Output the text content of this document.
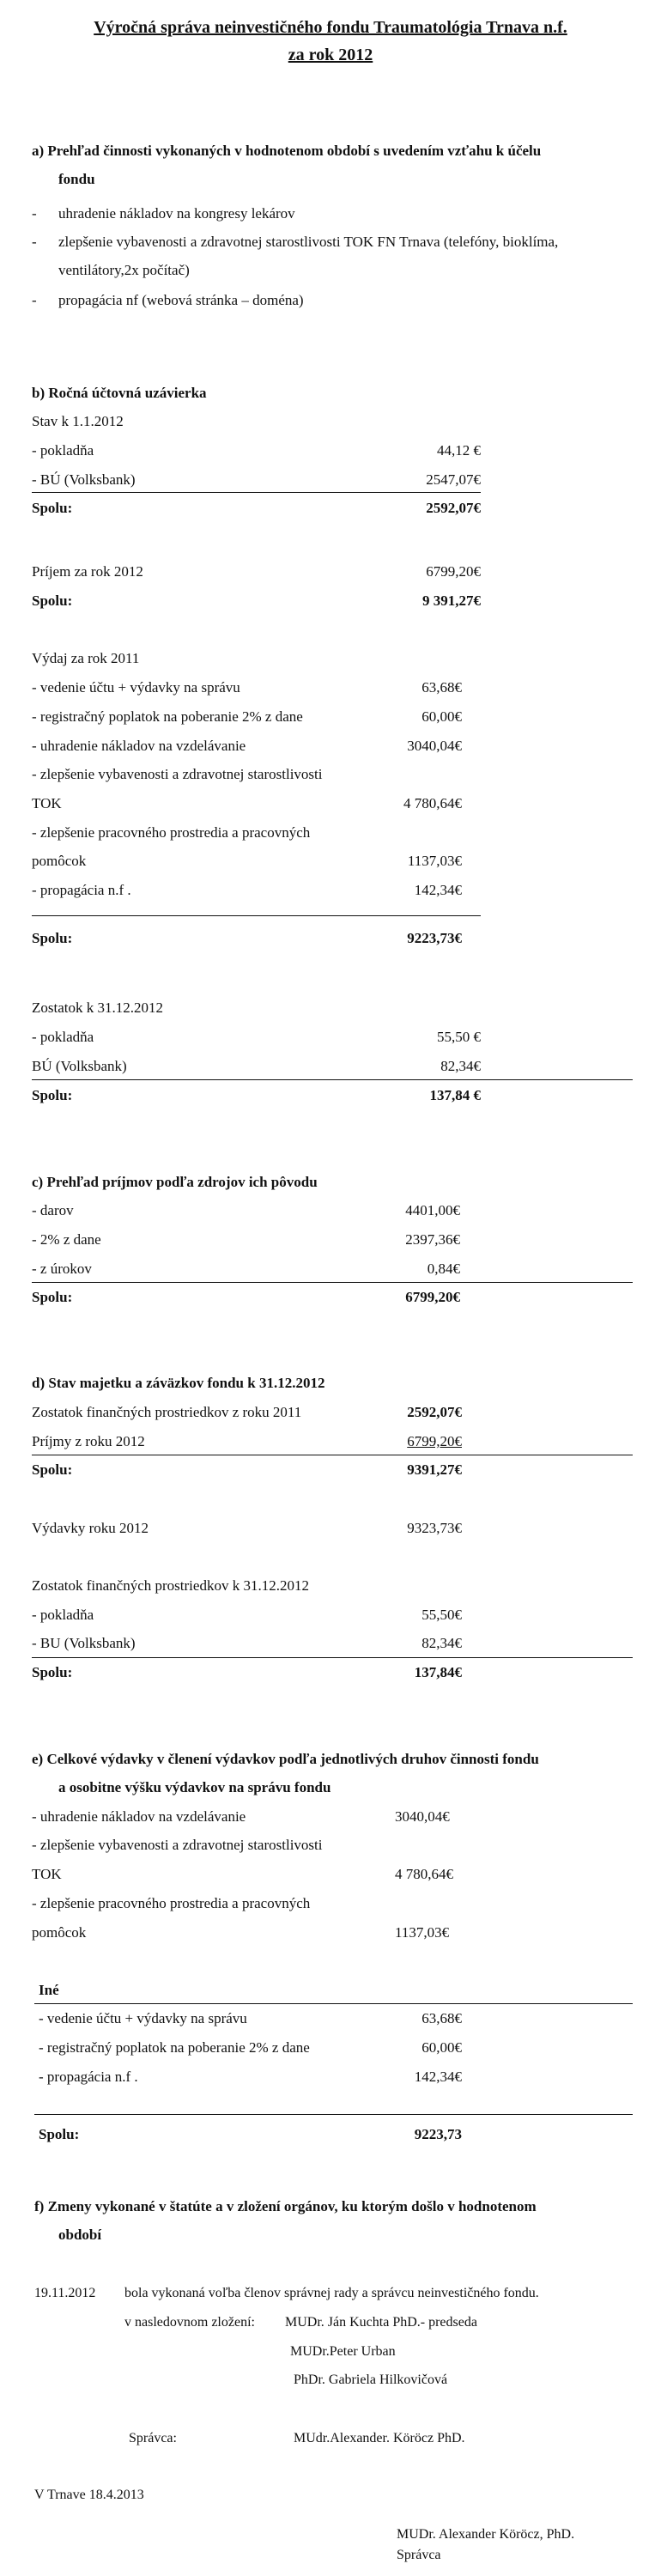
Výročná správa neinvestičného fondu Traumatológia Trnava n.f.
za rok 2012
a) Prehľad činnosti vykonaných v hodnotenom období s uvedením vzťahu k účelu
fondu
- uhradenie nákladov na kongresy lekárov
- zlepšenie vybavenosti a zdravotnej starostlivosti TOK FN Trnava (telefóny, bioklíma,
ventilátory,2x počítač)
- propagácia nf (webová stránka – doména)
b) Ročná účtovná uzávierka
Stav k 1.1.2012
- pokladňa	44,12 €
- BÚ (Volksbank)	2547,07€
Spolu:	2592,07€
Príjem za rok 2012	6799,20€
Spolu:	9 391,27€
Výdaj za rok 2011
- vedenie účtu + výdavky na správu	63,68€
- registračný poplatok na poberanie 2% z dane	60,00€
- uhradenie nákladov na vzdelávanie	3040,04€
- zlepšenie vybavenosti a zdravotnej starostlivosti
TOK	4 780,64€
- zlepšenie pracovného prostredia a pracovných
pomôcok	1137,03€
- propagácia n.f .	142,34€
Spolu:	9223,73€
Zostatok k 31.12.2012
- pokladňa	55,50 €
BÚ (Volksbank)	82,34€
Spolu:	137,84 €
c) Prehľad príjmov podľa zdrojov ich pôvodu
- darov	4401,00€
- 2% z dane	2397,36€
- z úrokov	0,84€
Spolu:	6799,20€
d) Stav majetku a záväzkov fondu k 31.12.2012
Zostatok finančných prostriedkov z roku 2011	2592,07€
Príjmy z roku 2012	6799,20€
Spolu:	9391,27€
Výdavky roku 2012	9323,73€
Zostatok finančných prostriedkov k 31.12.2012
- pokladňa	55,50€
- BU (Volksbank)	82,34€
Spolu:	137,84€
e) Celkové výdavky v členení výdavkov podľa jednotlivých druhov činnosti fondu
a osobitne výšku výdavkov na správu fondu
- uhradenie nákladov na vzdelávanie	3040,04€
- zlepšenie vybavenosti a zdravotnej starostlivosti
TOK	4 780,64€
- zlepšenie pracovného prostredia a pracovných
pomôcok	1137,03€
Iné
- vedenie účtu + výdavky na správu	63,68€
- registračný poplatok na poberanie 2% z dane	60,00€
- propagácia n.f .	142,34€
Spolu:	9223,73
f) Zmeny vykonané v štatúte a v zložení orgánov, ku ktorým došlo v hodnotenom
období
19.11.2012 bola vykonaná voľba členov správnej rady a správcu neinvestičného fondu.
v nasledovnom zložení: MUDr. Ján Kuchta PhD.- predseda
MUDr.Peter Urban
PhDr. Gabriela Hilkovičová
Správca:	MUdr.Alexander. Köröcz PhD.
V Trnave 18.4.2013
MUDr. Alexander Köröcz, PhD.
Správca
